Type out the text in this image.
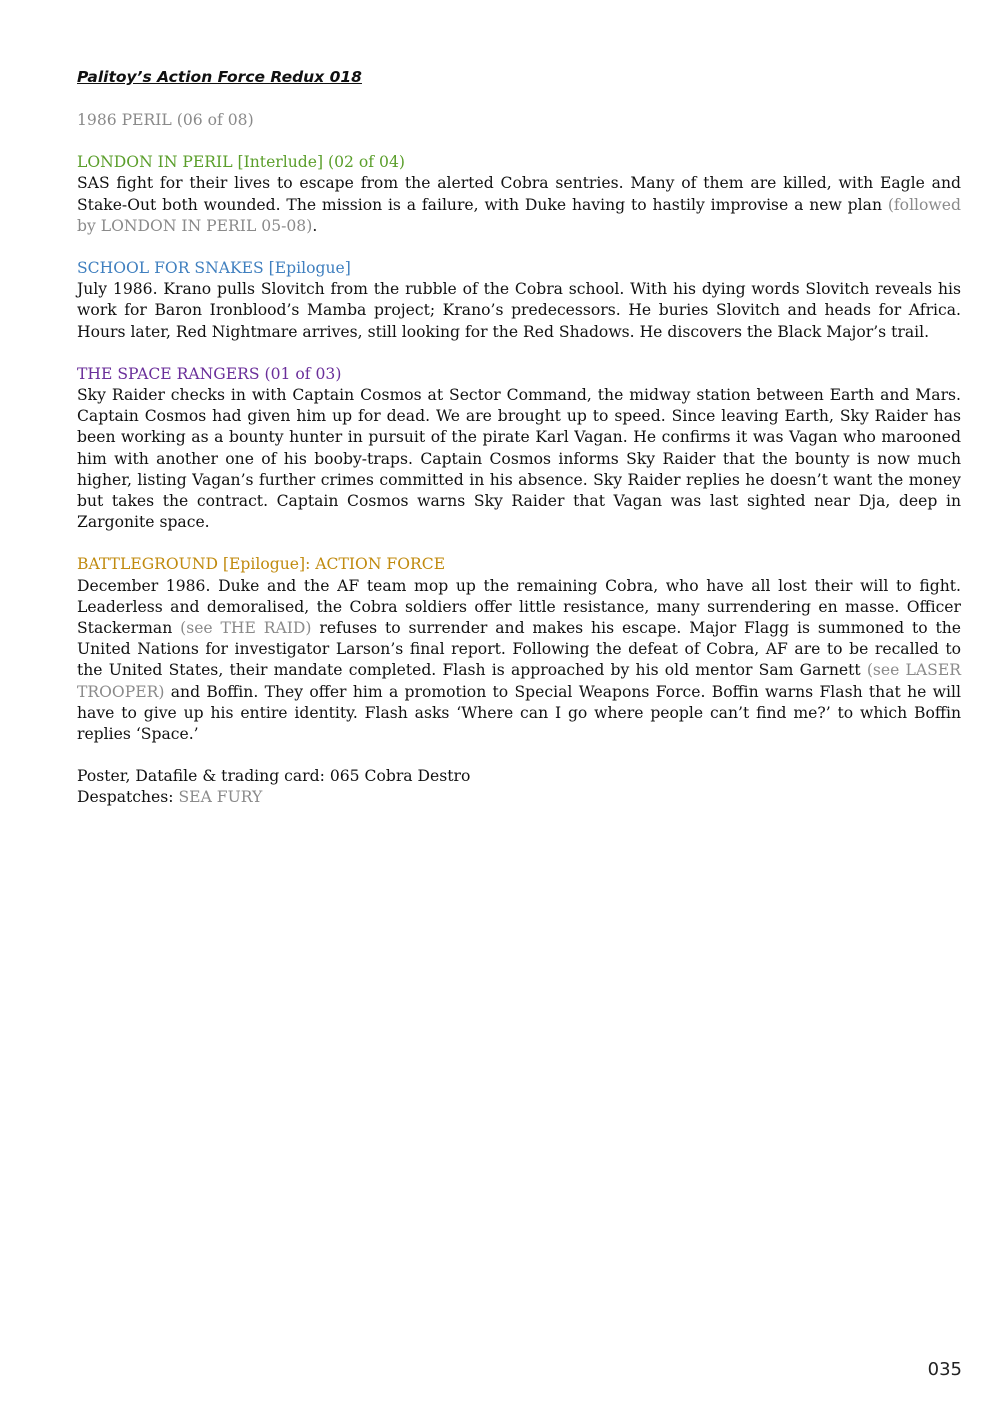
Palitoy’s Action Force Redux 018

1986 PERIL (06 of 08)

LONDON IN PERIL [Interlude] (02 of 04)

SAS fight for their lives to escape from the alerted Cobra sentries. Many of them are killed, with Eagle and Stake-Out both wounded. The mission is a failure, with Duke having to hastily improvise a new plan (followed by LONDON IN PERIL 05-08).

SCHOOL FOR SNAKES [Epilogue]

July 1986. Krano pulls Slovitch from the rubble of the Cobra school. With his dying words Slovitch reveals his work for Baron Ironblood’s Mamba project; Krano’s predecessors. He buries Slovitch and heads for Africa. Hours later, Red Nightmare arrives, still looking for the Red Shadows. He discovers the Black Major’s trail.

THE SPACE RANGERS (01 of 03)

Sky Raider checks in with Captain Cosmos at Sector Command, the midway station between Earth and Mars. Captain Cosmos had given him up for dead. We are brought up to speed. Since leaving Earth, Sky Raider has been working as a bounty hunter in pursuit of the pirate Karl Vagan. He confirms it was Vagan who marooned him with another one of his booby-traps. Captain Cosmos informs Sky Raider that the bounty is now much higher, listing Vagan’s further crimes committed in his absence. Sky Raider replies he doesn’t want the money but takes the contract. Captain Cosmos warns Sky Raider that Vagan was last sighted near Dja, deep in Zargonite space.

BATTLEGROUND [Epilogue]: ACTION FORCE

December 1986. Duke and the AF team mop up the remaining Cobra, who have all lost their will to fight. Leaderless and demoralised, the Cobra soldiers offer little resistance, many surrendering en masse. Officer Stackerman (see THE RAID) refuses to surrender and makes his escape. Major Flagg is summoned to the United Nations for investigator Larson’s final report. Following the defeat of Cobra, AF are to be recalled to the United States, their mandate completed. Flash is approached by his old mentor Sam Garnett (see LASER TROOPER) and Boffin. They offer him a promotion to Special Weapons Force. Boffin warns Flash that he will have to give up his entire identity. Flash asks ‘Where can I go where people can’t find me?’ to which Boffin replies ‘Space.’

Poster, Datafile & trading card: 065 Cobra Destro

Despatches: SEA FURY

035
